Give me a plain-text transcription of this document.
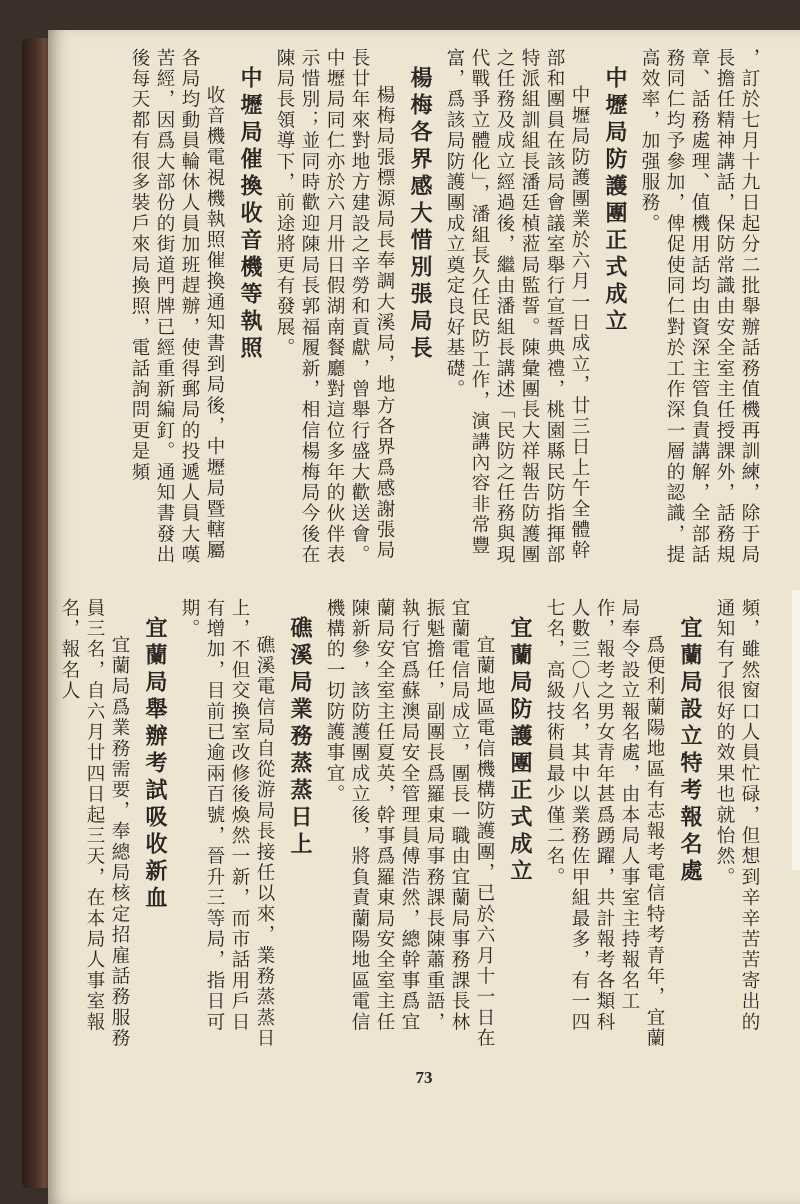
，訂於七月十九日起分二批舉辦話務值機再訓練，除于局長擔任精神講話，保防常識由安全室主任授課外，話務規章、話務處理、值機用話均由資深主管負責講解，全部話務同仁均予參加，俾促使同仁對於工作深一層的認識，提高效率，加强服務。

中壢局防護團正式成立

中壢局防護團業於六月一日成立，廿三日上午全體幹部和團員在該局會議室舉行宣誓典禮，桃園縣民防指揮部特派組訓組長潘廷楨蒞局監誓。陳彙團長大祥報告防護團之任務及成立經過後，繼由潘組長講述「民防之任務與現代戰爭立體化」，潘組長久任民防工作，演講內容非常豐富，爲該局防護團成立奠定良好基礎。

楊梅各界感大惜別張局長

楊梅局張標源局長奉調大溪局，地方各界爲感謝張局長廿年來對地方建設之辛勞和貢獻，曾舉行盛大歡送會。中壢局同仁亦於六月卅日假湖南餐廳對這位多年的伙伴表示惜別；並同時歡迎陳局長郭福履新，相信楊梅局今後在陳局長領導下，前途將更有發展。

中壢局催換收音機等執照

收音機電視機執照催換通知書到局後，中壢局暨轄屬各局均動員輪休人員加班趕辦，使得郵局的投遞人員大嘆苦經，因爲大部份的街道門牌已經重新編釘。通知書發出後每天都有很多裝戶來局換照，電話詢問更是頻

頻，雖然窗口人員忙碌，但想到辛辛苦苦寄出的通知有了很好的效果也就怡然。

宜蘭局設立特考報名處

爲便利蘭陽地區有志報考電信特考青年，宜蘭局奉令設立報名處，由本局人事室主持報名工作，報考之男女青年甚爲踴躍，共計報考各類科人數三〇八名，其中以業務佐甲組最多，有一四七名，高級技術員最少僅二名。

宜蘭局防護團正式成立

宜蘭地區電信機構防護團，已於六月十一日在宜蘭電信局成立，團長一職由宜蘭局事務課長林振魁擔任，副團長爲羅東局事務課長陳蕭重語，執行官爲蘇澳局安全管理員傅浩然，總幹事爲宜蘭局安全室主任夏英，幹事爲羅東局安全室主任陳新參，該防護團成立後，將負責蘭陽地區電信機構的一切防護事宜。

礁溪局業務蒸蒸日上

礁溪電信局自從游局長接任以來，業務蒸蒸日上，不但交換室改修後煥然一新，而市話用戶日有增加，目前已逾兩百號，晉升三等局，指日可期。

宜蘭局舉辦考試吸收新血

宜蘭局爲業務需要，奉總局核定招雇話務服務員三名，自六月廿四日起三天，在本局人事室報名，報名人

73
